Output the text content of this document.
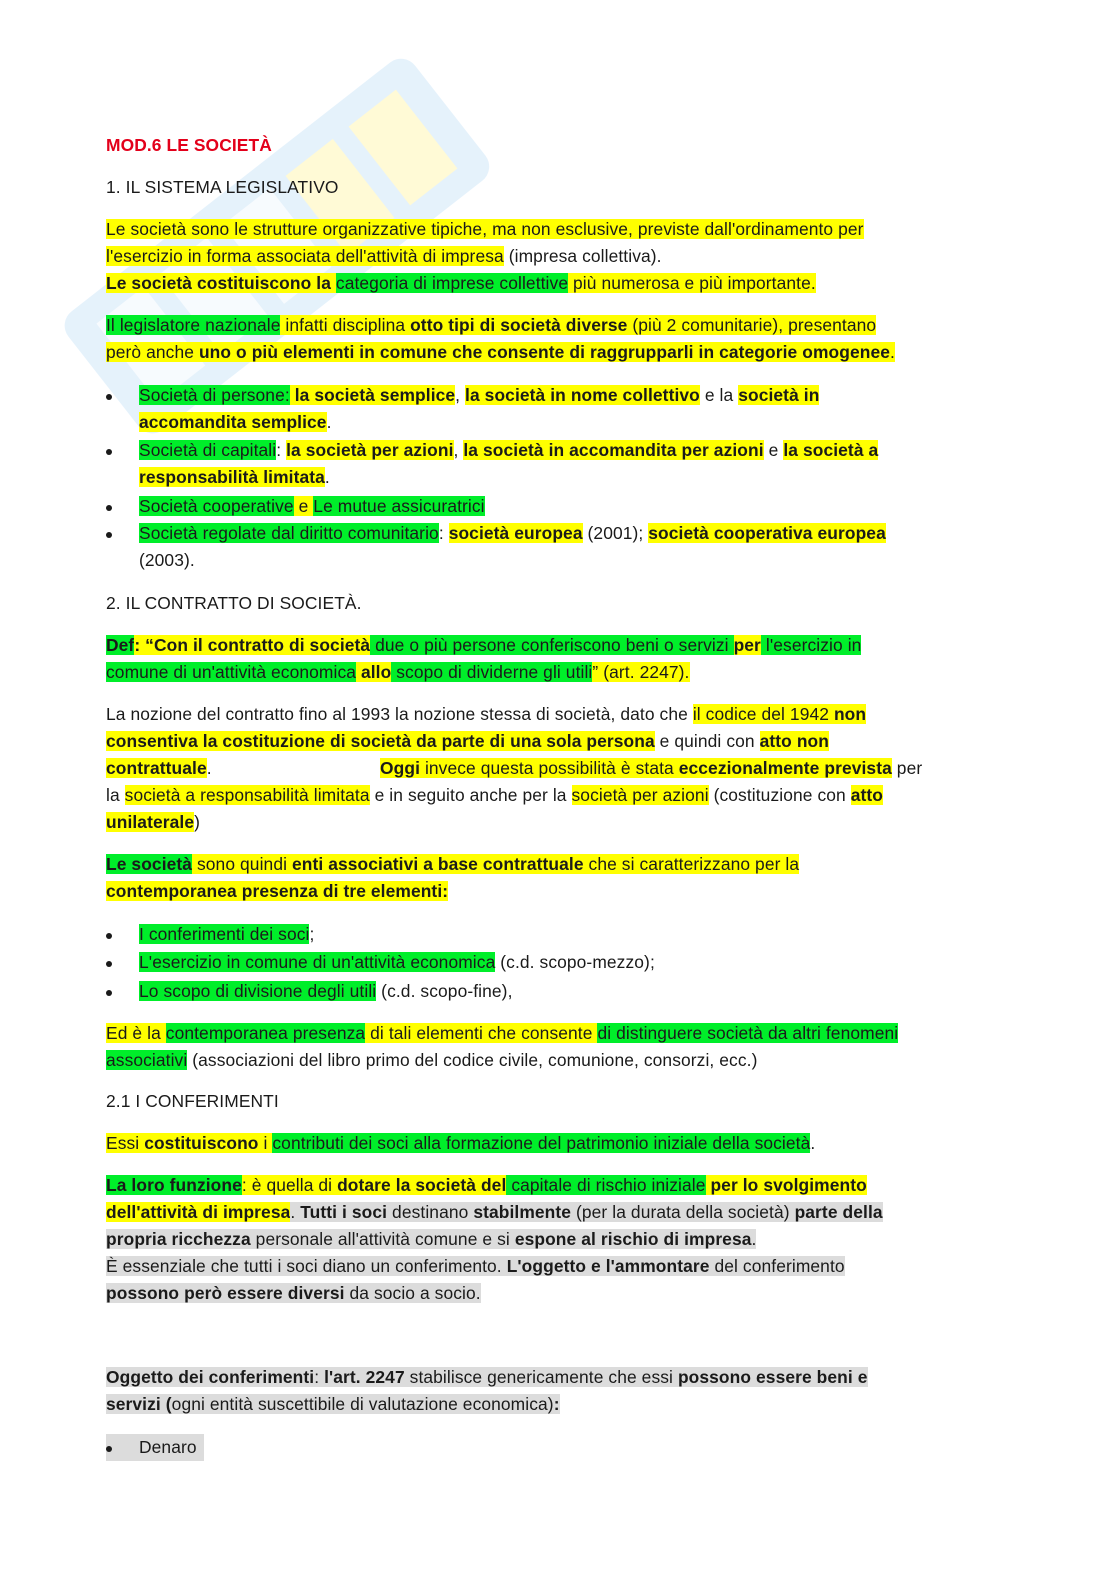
MOD.6 LE SOCIETÀ
1. IL SISTEMA LEGISLATIVO
Le società sono le strutture organizzative tipiche, ma non esclusive, previste dall'ordinamento per
l'esercizio in forma associata dell'attività di impresa (impresa collettiva).
Le società costituiscono la categoria di imprese collettive più numerosa e più importante.
Il legislatore nazionale infatti disciplina otto tipi di società diverse (più 2 comunitarie), presentano
però anche uno o più elementi in comune che consente di raggrupparli in categorie omogenee.
Società di persone: la società semplice, la società in nome collettivo e la società in
accomandita semplice.
Società di capitali: la società per azioni, la società in accomandita per azioni e la società a
responsabilità limitata.
Società cooperative e Le mutue assicuratrici
Società regolate dal diritto comunitario: società europea (2001); società cooperativa europea
(2003).
2. IL CONTRATTO DI SOCIETÀ.
Def: “Con il contratto di società due o più persone conferiscono beni o servizi per l'esercizio in
comune di un'attività economica allo scopo di dividerne gli utili” (art. 2247).
La nozione del contratto fino al 1993 la nozione stessa di società, dato che il codice del 1942 non
consentiva la costituzione di società da parte di una sola persona e quindi con atto non
contrattuale.	Oggi invece questa possibilità è stata eccezionalmente prevista per
la società a responsabilità limitata e in seguito anche per la società per azioni (costituzione con atto
unilaterale)
Le società sono quindi enti associativi a base contrattuale che si caratterizzano per la
contemporanea presenza di tre elementi:
I conferimenti dei soci;
L'esercizio in comune di un'attività economica (c.d. scopo-mezzo);
Lo scopo di divisione degli utili (c.d. scopo-fine),
Ed è la contemporanea presenza di tali elementi che consente di distinguere società da altri fenomeni
associativi (associazioni del libro primo del codice civile, comunione, consorzi, ecc.)
2.1 I CONFERIMENTI
Essi costituiscono i contributi dei soci alla formazione del patrimonio iniziale della società.
La loro funzione: è quella di dotare la società del capitale di rischio iniziale per lo svolgimento
dell'attività di impresa. Tutti i soci destinano stabilmente (per la durata della società) parte della
propria ricchezza personale all'attività comune e si espone al rischio di impresa.
È essenziale che tutti i soci diano un conferimento. L'oggetto e l'ammontare del conferimento
possono però essere diversi da socio a socio.
Oggetto dei conferimenti: l'art. 2247 stabilisce genericamente che essi possono essere beni e
servizi (ogni entità suscettibile di valutazione economica):
Denaro
